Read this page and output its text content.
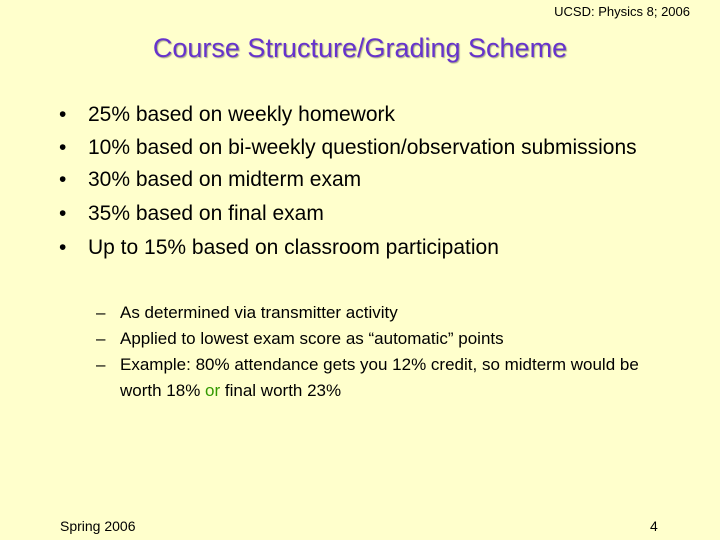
UCSD: Physics 8; 2006
Course Structure/Grading Scheme
• 25% based on weekly homework
• 10% based on bi-weekly question/observation submissions
• 30% based on midterm exam
• 35% based on final exam
• Up to 15% based on classroom participation
– As determined via transmitter activity
– Applied to lowest exam score as “automatic” points
– Example: 80% attendance gets you 12% credit, so midterm would be worth 18% or final worth 23%
Spring 2006	4
